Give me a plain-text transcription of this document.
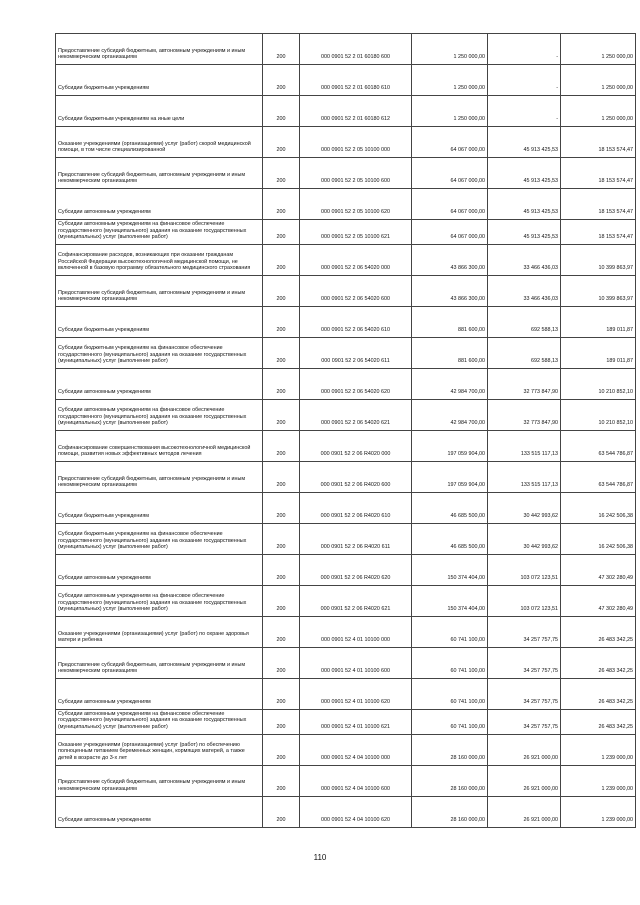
Предоставление субсидий бюджетным, автономным учреждениям и иным некоммерческим организациям	200	000 0901 52 2 01 60180 600	1 250 000,00	-	1 250 000,00

Субсидии бюджетным учреждениям	200	000 0901 52 2 01 60180 610	1 250 000,00	-	1 250 000,00

Субсидии бюджетным учреждениям на иные цели	200	000 0901 52 2 01 60180 612	1 250 000,00	-	1 250 000,00

Оказание учреждениями (организациями) услуг (работ) скорой медицинской помощи, в том числе специализированной	200	000 0901 52 2 05 10100 000	64 067 000,00	45 913 425,53	18 153 574,47

Предоставление субсидий бюджетным, автономным учреждениям и иным некоммерческим организациям	200	000 0901 52 2 05 10100 600	64 067 000,00	45 913 425,53	18 153 574,47

Субсидии автономным учреждениям	200	000 0901 52 2 05 10100 620	64 067 000,00	45 913 425,53	18 153 574,47

Субсидии автономным учреждениям на финансовое обеспечение государственного (муниципального) задания на оказание государственных (муниципальных) услуг (выполнение работ)	200	000 0901 52 2 05 10100 621	64 067 000,00	45 913 425,53	18 153 574,47

Софинансирование расходов, возникающих при оказании гражданам Российской Федерации высокотехнологичной медицинской помощи, не включенной в базовую программу обязательного медицинского страхования	200	000 0901 52 2 06 54020 000	43 866 300,00	33 466 436,03	10 399 863,97

Предоставление субсидий бюджетным, автономным учреждениям и иным некоммерческим организациям	200	000 0901 52 2 06 54020 600	43 866 300,00	33 466 436,03	10 399 863,97

Субсидии бюджетным учреждениям	200	000 0901 52 2 06 54020 610	881 600,00	692 588,13	189 011,87

Субсидии бюджетным учреждениям на финансовое обеспечение государственного (муниципального) задания на оказание государственных (муниципальных) услуг (выполнение работ)	200	000 0901 52 2 06 54020 611	881 600,00	692 588,13	189 011,87

Субсидии автономным учреждениям	200	000 0901 52 2 06 54020 620	42 984 700,00	32 773 847,90	10 210 852,10

Субсидии автономным учреждениям на финансовое обеспечение государственного (муниципального) задания на оказание государственных (муниципальных) услуг (выполнение работ)	200	000 0901 52 2 06 54020 621	42 984 700,00	32 773 847,90	10 210 852,10

Софинансирование совершенствования высокотехнологичной медицинской помощи, развития новых эффективных методов лечения	200	000 0901 52 2 06 R4020 000	197 059 904,00	133 515 117,13	63 544 786,87

Предоставление субсидий бюджетным, автономным учреждениям и иным некоммерческим организациям	200	000 0901 52 2 06 R4020 600	197 059 904,00	133 515 117,13	63 544 786,87

Субсидии бюджетным учреждениям	200	000 0901 52 2 06 R4020 610	46 685 500,00	30 442 993,62	16 242 506,38

Субсидии бюджетным учреждениям на финансовое обеспечение государственного (муниципального) задания на оказание государственных (муниципальных) услуг (выполнение работ)	200	000 0901 52 2 06 R4020 611	46 685 500,00	30 442 993,62	16 242 506,38

Субсидии автономным учреждениям	200	000 0901 52 2 06 R4020 620	150 374 404,00	103 072 123,51	47 302 280,49

Субсидии автономным учреждениям на финансовое обеспечение государственного (муниципального) задания на оказание государственных (муниципальных) услуг (выполнение работ)	200	000 0901 52 2 06 R4020 621	150 374 404,00	103 072 123,51	47 302 280,49

Оказание учреждениями (организациями) услуг (работ) по охране здоровья матери и ребенка	200	000 0901 52 4 01 10100 000	60 741 100,00	34 257 757,75	26 483 342,25

Предоставление субсидий бюджетным, автономным учреждениям и иным некоммерческим организациям	200	000 0901 52 4 01 10100 600	60 741 100,00	34 257 757,75	26 483 342,25

Субсидии автономным учреждениям	200	000 0901 52 4 01 10100 620	60 741 100,00	34 257 757,75	26 483 342,25

Субсидии автономным учреждениям на финансовое обеспечение государственного (муниципального) задания на оказание государственных (муниципальных) услуг (выполнение работ)	200	000 0901 52 4 01 10100 621	60 741 100,00	34 257 757,75	26 483 342,25

Оказание учреждениями (организациями) услуг (работ) по обеспечению полноценным питанием беременных женщин, кормящих матерей, а также детей в возрасте до 3-х лет	200	000 0901 52 4 04 10100 000	28 160 000,00	26 921 000,00	1 239 000,00

Предоставление субсидий бюджетным, автономным учреждениям и иным некоммерческим организациям	200	000 0901 52 4 04 10100 600	28 160 000,00	26 921 000,00	1 239 000,00

Субсидии автономным учреждениям	200	000 0901 52 4 04 10100 620	28 160 000,00	26 921 000,00	1 239 000,00
110
